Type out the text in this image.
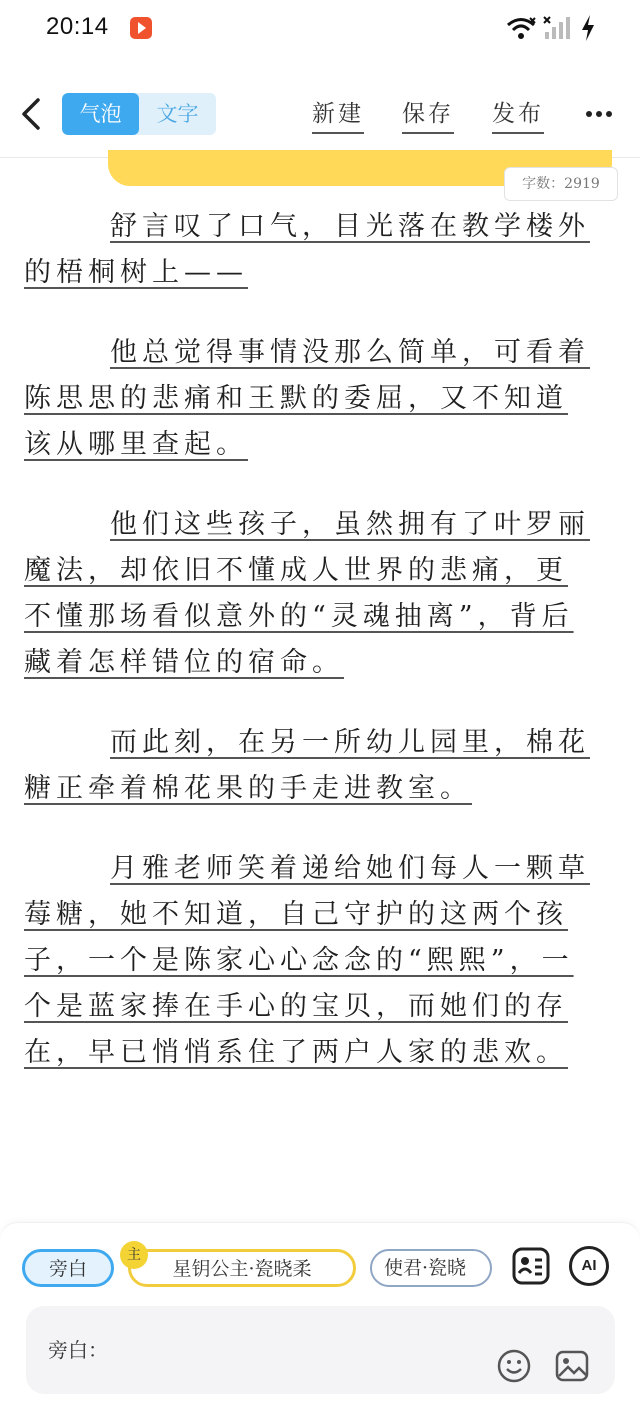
20:14
气泡	文字	新建 保存 发布
字数：2919

舒言叹了口气，目光落在教学楼外的梧桐树上——

他总觉得事情没那么简单，可看着陈思思的悲痛和王默的委屈，又不知道该从哪里查起。

他们这些孩子，虽然拥有了叶罗丽魔法，却依旧不懂成人世界的悲痛，更不懂那场看似意外的“灵魂抽离”，背后藏着怎样错位的宿命。

而此刻，在另一所幼儿园里，棉花糖正牵着棉花果的手走进教室。

月雅老师笑着递给她们每人一颗草莓糖，她不知道，自己守护的这两个孩子，一个是陈家心心念念的“熙熙”，一个是蓝家捧在手心的宝贝，而她们的存在，早已悄悄系住了两户人家的悲欢。

旁白	星钥公主·瓷晓柔
主
使君·瓷晓	AI
旁白：
